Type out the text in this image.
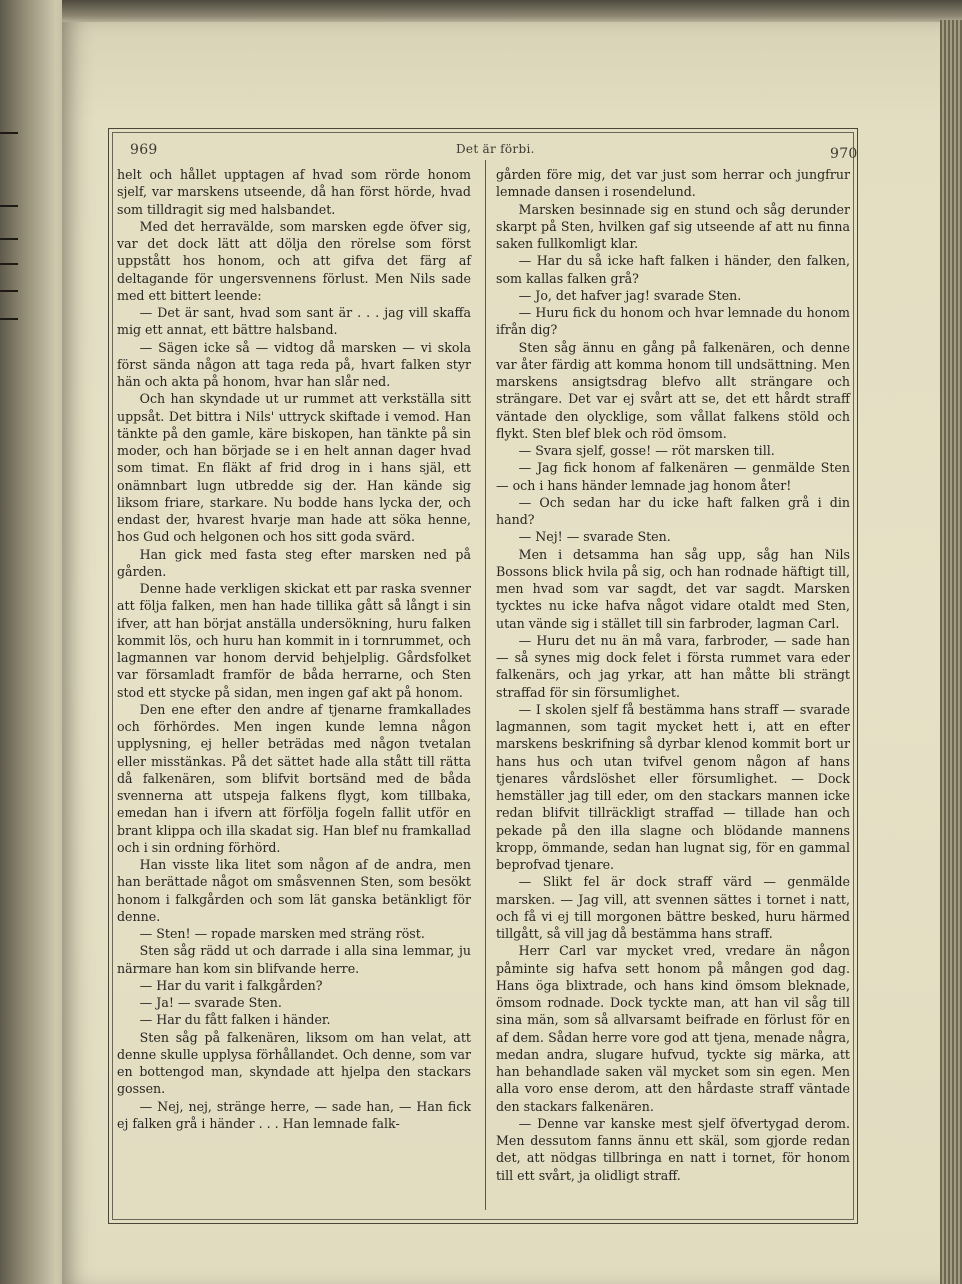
969	Det är förbi.	970

helt och hållet upptagen af hvad som rörde honom sjelf, var marskens utseende, då han först hörde, hvad som tilldragit sig med halsbandet.

Med det herravälde, som marsken egde öfver sig, var det dock lätt att dölja den rörelse som först uppstått hos honom, och att gifva det färg af deltagande för ungersvennens förlust. Men Nils sade med ett bittert leende:

— Det är sant, hvad som sant är . . . jag vill skaffa mig ett annat, ett bättre halsband.

— Sägen icke så — vidtog då marsken — vi skola först sända någon att taga reda på, hvart falken styr hän och akta på honom, hvar han slår ned.

Och han skyndade ut ur rummet att verkställa sitt uppsåt. Det bittra i Nils' uttryck skiftade i vemod. Han tänkte på den gamle, käre biskopen, han tänkte på sin moder, och han började se i en helt annan dager hvad som timat. En fläkt af frid drog in i hans själ, ett onämnbart lugn utbredde sig der. Han kände sig liksom friare, starkare. Nu bodde hans lycka der, och endast der, hvarest hvarje man hade att söka henne, hos Gud och helgonen och hos sitt goda svärd.

Han gick med fasta steg efter marsken ned på gården.

Denne hade verkligen skickat ett par raska svenner att följa falken, men han hade tillika gått så långt i sin ifver, att han börjat anställa undersökning, huru falken kommit lös, och huru han kommit in i tornrummet, och lagmannen var honom dervid behjelplig. Gårdsfolket var församladt framför de båda herrarne, och Sten stod ett stycke på sidan, men ingen gaf akt på honom.

Den ene efter den andre af tjenarne framkallades och förhördes. Men ingen kunde lemna någon upplysning, ej heller beträdas med någon tvetalan eller misstänkas. På det sättet hade alla stått till rätta då falkenären, som blifvit bortsänd med de båda svennerna att utspeja falkens flygt, kom tillbaka, emedan han i ifvern att förfölja fogeln fallit utför en brant klippa och illa skadat sig. Han blef nu framkallad och i sin ordning förhörd.

Han visste lika litet som någon af de andra, men han berättade något om småsvennen Sten, som besökt honom i falkgården och som lät ganska betänkligt för denne.

— Sten! — ropade marsken med sträng röst.

Sten såg rädd ut och darrade i alla sina lemmar, ju närmare han kom sin blifvande herre.

— Har du varit i falkgården?

— Ja! — svarade Sten.

— Har du fått falken i händer.

Sten såg på falkenären, liksom om han velat, att denne skulle upplysa förhållandet. Och denne, som var en bottengod man, skyndade att hjelpa den stackars gossen.

— Nej, nej, stränge herre, — sade han, — Han fick ej falken grå i händer . . . Han lemnade falk-

gården före mig, det var just som herrar och jungfrur lemnade dansen i rosendelund.

Marsken besinnade sig en stund och såg derunder skarpt på Sten, hvilken gaf sig utseende af att nu finna saken fullkomligt klar.

— Har du så icke haft falken i händer, den falken, som kallas falken grå?

— Jo, det hafver jag! svarade Sten.

— Huru fick du honom och hvar lemnade du honom ifrån dig?

Sten såg ännu en gång på falkenären, och denne var åter färdig att komma honom till undsättning. Men marskens ansigtsdrag blefvo allt strängare och strängare. Det var ej svårt att se, det ett hårdt straff väntade den olycklige, som vållat falkens stöld och flykt. Sten blef blek och röd ömsom.

— Svara sjelf, gosse! — röt marsken till.

— Jag fick honom af falkenären — genmälde Sten — och i hans händer lemnade jag honom åter!

— Och sedan har du icke haft falken grå i din hand?

— Nej! — svarade Sten.

Men i detsamma han såg upp, såg han Nils Bossons blick hvila på sig, och han rodnade häftigt till, men hvad som var sagdt, det var sagdt. Marsken tycktes nu icke hafva något vidare otaldt med Sten, utan vände sig i stället till sin farbroder, lagman Carl.

— Huru det nu än må vara, farbroder, — sade han — så synes mig dock felet i första rummet vara eder falkenärs, och jag yrkar, att han måtte bli strängt straffad för sin försumlighet.

— I skolen sjelf få bestämma hans straff — svarade lagmannen, som tagit mycket hett i, att en efter marskens beskrifning så dyrbar klenod kommit bort ur hans hus och utan tvifvel genom någon af hans tjenares vårdslöshet eller försumlighet. — Dock hemställer jag till eder, om den stackars mannen icke redan blifvit tillräckligt straffad — tillade han och pekade på den illa slagne och blödande mannens kropp, ömmande, sedan han lugnat sig, för en gammal beprofvad tjenare.

— Slikt fel är dock straff värd — genmälde marsken. — Jag vill, att svennen sättes i tornet i natt, och få vi ej till morgonen bättre besked, huru härmed tillgått, så vill jag då bestämma hans straff.

Herr Carl var mycket vred, vredare än någon påminte sig hafva sett honom på mången god dag. Hans öga blixtrade, och hans kind ömsom bleknade, ömsom rodnade. Dock tyckte man, att han vil såg till sina män, som så allvarsamt beifrade en förlust för en af dem. Sådan herre vore god att tjena, menade några, medan andra, slugare hufvud, tyckte sig märka, att han behandlade saken väl mycket som sin egen. Men alla voro ense derom, att den hårdaste straff väntade den stackars falkenären.

— Denne var kanske mest sjelf öfvertygad derom. Men dessutom fanns ännu ett skäl, som gjorde redan det, att nödgas tillbringa en natt i tornet, för honom till ett svårt, ja olidligt straff.
